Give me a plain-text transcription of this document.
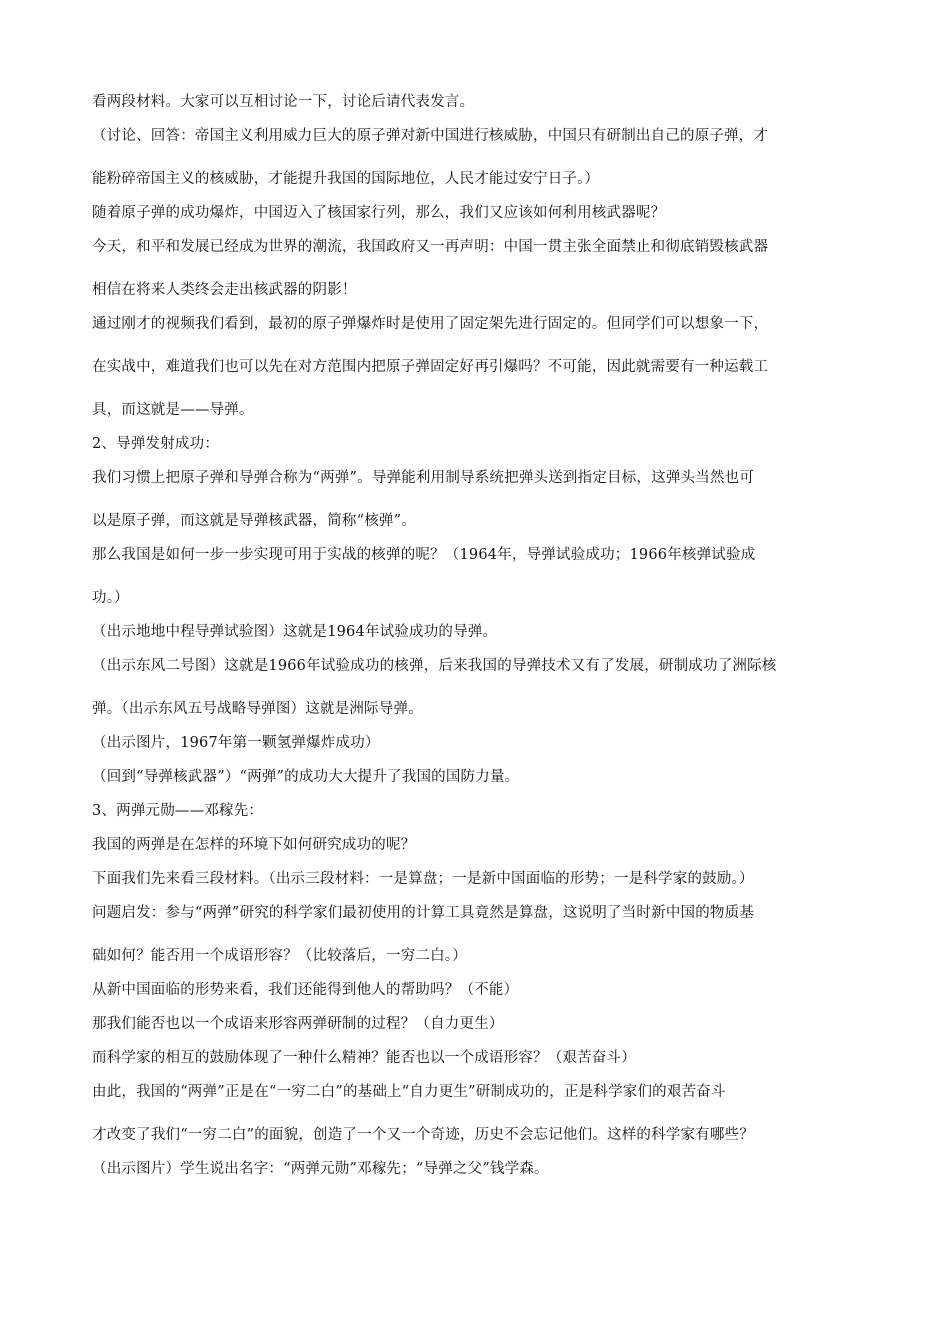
看两段材料。大家可以互相讨论一下，讨论后请代表发言。
（讨论、回答：帝国主义利用威力巨大的原子弹对新中国进行核威胁，中国只有研制出自己的原子弹，才
能粉碎帝国主义的核威胁，才能提升我国的国际地位，人民才能过安宁日子。）
随着原子弹的成功爆炸，中国迈入了核国家行列，那么，我们又应该如何利用核武器呢？
今天，和平和发展已经成为世界的潮流，我国政府又一再声明：中国一贯主张全面禁止和彻底销毁核武器
相信在将来人类终会走出核武器的阴影！
通过刚才的视频我们看到，最初的原子弹爆炸时是使用了固定架先进行固定的。但同学们可以想象一下，
在实战中，难道我们也可以先在对方范围内把原子弹固定好再引爆吗？不可能，因此就需要有一种运载工
具，而这就是——导弹。
2、导弹发射成功：
我们习惯上把原子弹和导弹合称为“两弹”。导弹能利用制导系统把弹头送到指定目标，这弹头当然也可
以是原子弹，而这就是导弹核武器，简称“核弹”。
那么我国是如何一步一步实现可用于实战的核弹的呢？（1964年，导弹试验成功；1966年核弹试验成
功。）
（出示地地中程导弹试验图）这就是1964年试验成功的导弹。
（出示东风二号图）这就是1966年试验成功的核弹，后来我国的导弹技术又有了发展，研制成功了洲际核
弹。（出示东风五号战略导弹图）这就是洲际导弹。
（出示图片，1967年第一颗氢弹爆炸成功）
（回到“导弹核武器”）“两弹”的成功大大提升了我国的国防力量。
3、两弹元勋——邓稼先：
我国的两弹是在怎样的环境下如何研究成功的呢？
下面我们先来看三段材料。（出示三段材料：一是算盘；一是新中国面临的形势；一是科学家的鼓励。）
问题启发：参与“两弹”研究的科学家们最初使用的计算工具竟然是算盘，这说明了当时新中国的物质基
础如何？能否用一个成语形容？（比较落后，一穷二白。）
从新中国面临的形势来看，我们还能得到他人的帮助吗？（不能）
那我们能否也以一个成语来形容两弹研制的过程？（自力更生）
而科学家的相互的鼓励体现了一种什么精神？能否也以一个成语形容？（艰苦奋斗）
由此，我国的“两弹”正是在“一穷二白”的基础上“自力更生”研制成功的，正是科学家们的艰苦奋斗
才改变了我们“一穷二白”的面貌，创造了一个又一个奇迹，历史不会忘记他们。这样的科学家有哪些？
（出示图片）学生说出名字：“两弹元勋”邓稼先；“导弹之父”钱学森。
